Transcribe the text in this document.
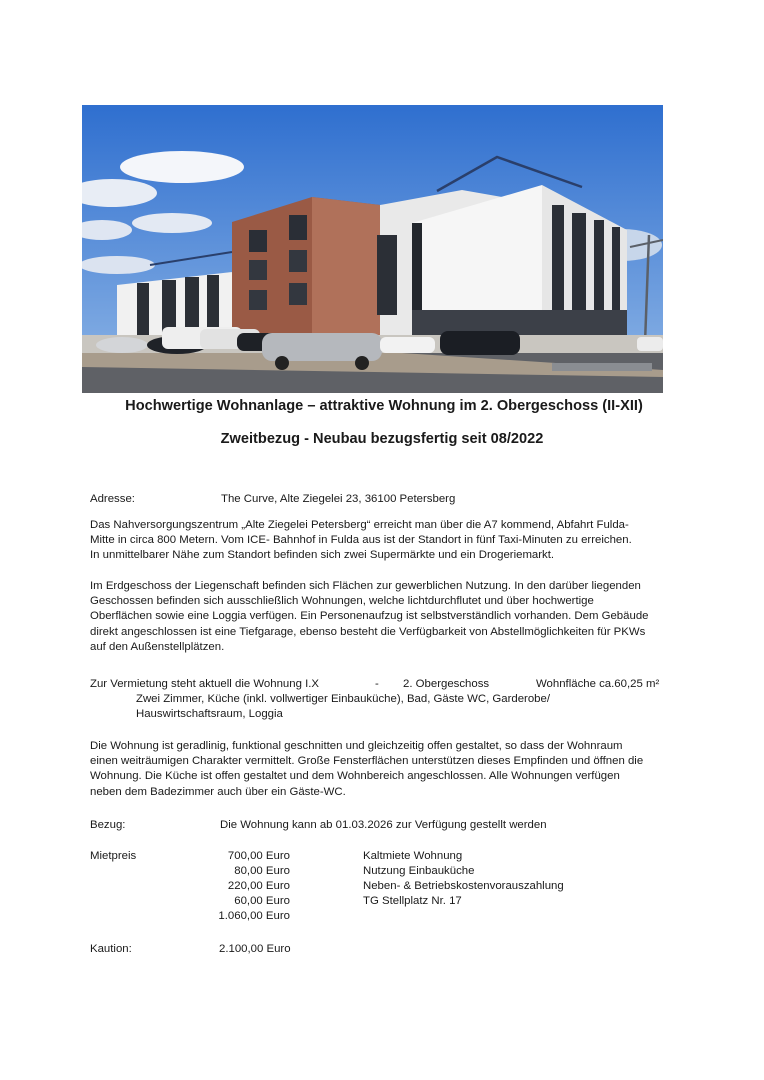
Hochwertige Wohnanlage – attraktive Wohnung im 2. Obergeschoss (II-XII)
Zweitbezug - Neubau bezugsfertig seit 08/2022
Adresse:	The Curve, Alte Ziegelei 23, 36100 Petersberg
Das Nahversorgungszentrum „Alte Ziegelei Petersberg“ erreicht man über die A7 kommend, Abfahrt Fulda-
Mitte in circa 800 Metern. Vom ICE- Bahnhof in Fulda aus ist der Standort in fünf Taxi-Minuten zu erreichen.
In unmittelbarer Nähe zum Standort befinden sich zwei Supermärkte und ein Drogeriemarkt.
Im Erdgeschoss der Liegenschaft befinden sich Flächen zur gewerblichen Nutzung. In den darüber liegenden
Geschossen befinden sich ausschließlich Wohnungen, welche lichtdurchflutet und über hochwertige
Oberflächen sowie eine Loggia verfügen. Ein Personenaufzug ist selbstverständlich vorhanden. Dem Gebäude
direkt angeschlossen ist eine Tiefgarage, ebenso besteht die Verfügbarkeit von Abstellmöglichkeiten für PKWs
auf den Außenstellplätzen.
Zur Vermietung steht aktuell die Wohnung I.X	- 2. Obergeschoss	Wohnfläche ca.60,25 m²
Zwei Zimmer, Küche (inkl. vollwertiger Einbauküche), Bad, Gäste WC, Garderobe/
Hauswirtschaftsraum, Loggia
Die Wohnung ist geradlinig, funktional geschnitten und gleichzeitig offen gestaltet, so dass der Wohnraum
einen weiträumigen Charakter vermittelt. Große Fensterflächen unterstützen dieses Empfinden und öffnen die
Wohnung. Die Küche ist offen gestaltet und dem Wohnbereich angeschlossen. Alle Wohnungen verfügen
neben dem Badezimmer auch über ein Gäste-WC.
Bezug:	Die Wohnung kann ab 01.03.2026 zur Verfügung gestellt werden
Mietpreis	700,00 Euro	Kaltmiete Wohnung
80,00 Euro	Nutzung Einbauküche
220,00 Euro	Neben- & Betriebskostenvorauszahlung
60,00 Euro	TG Stellplatz Nr. 17
1.060,00 Euro
Kaution:	2.100,00 Euro
